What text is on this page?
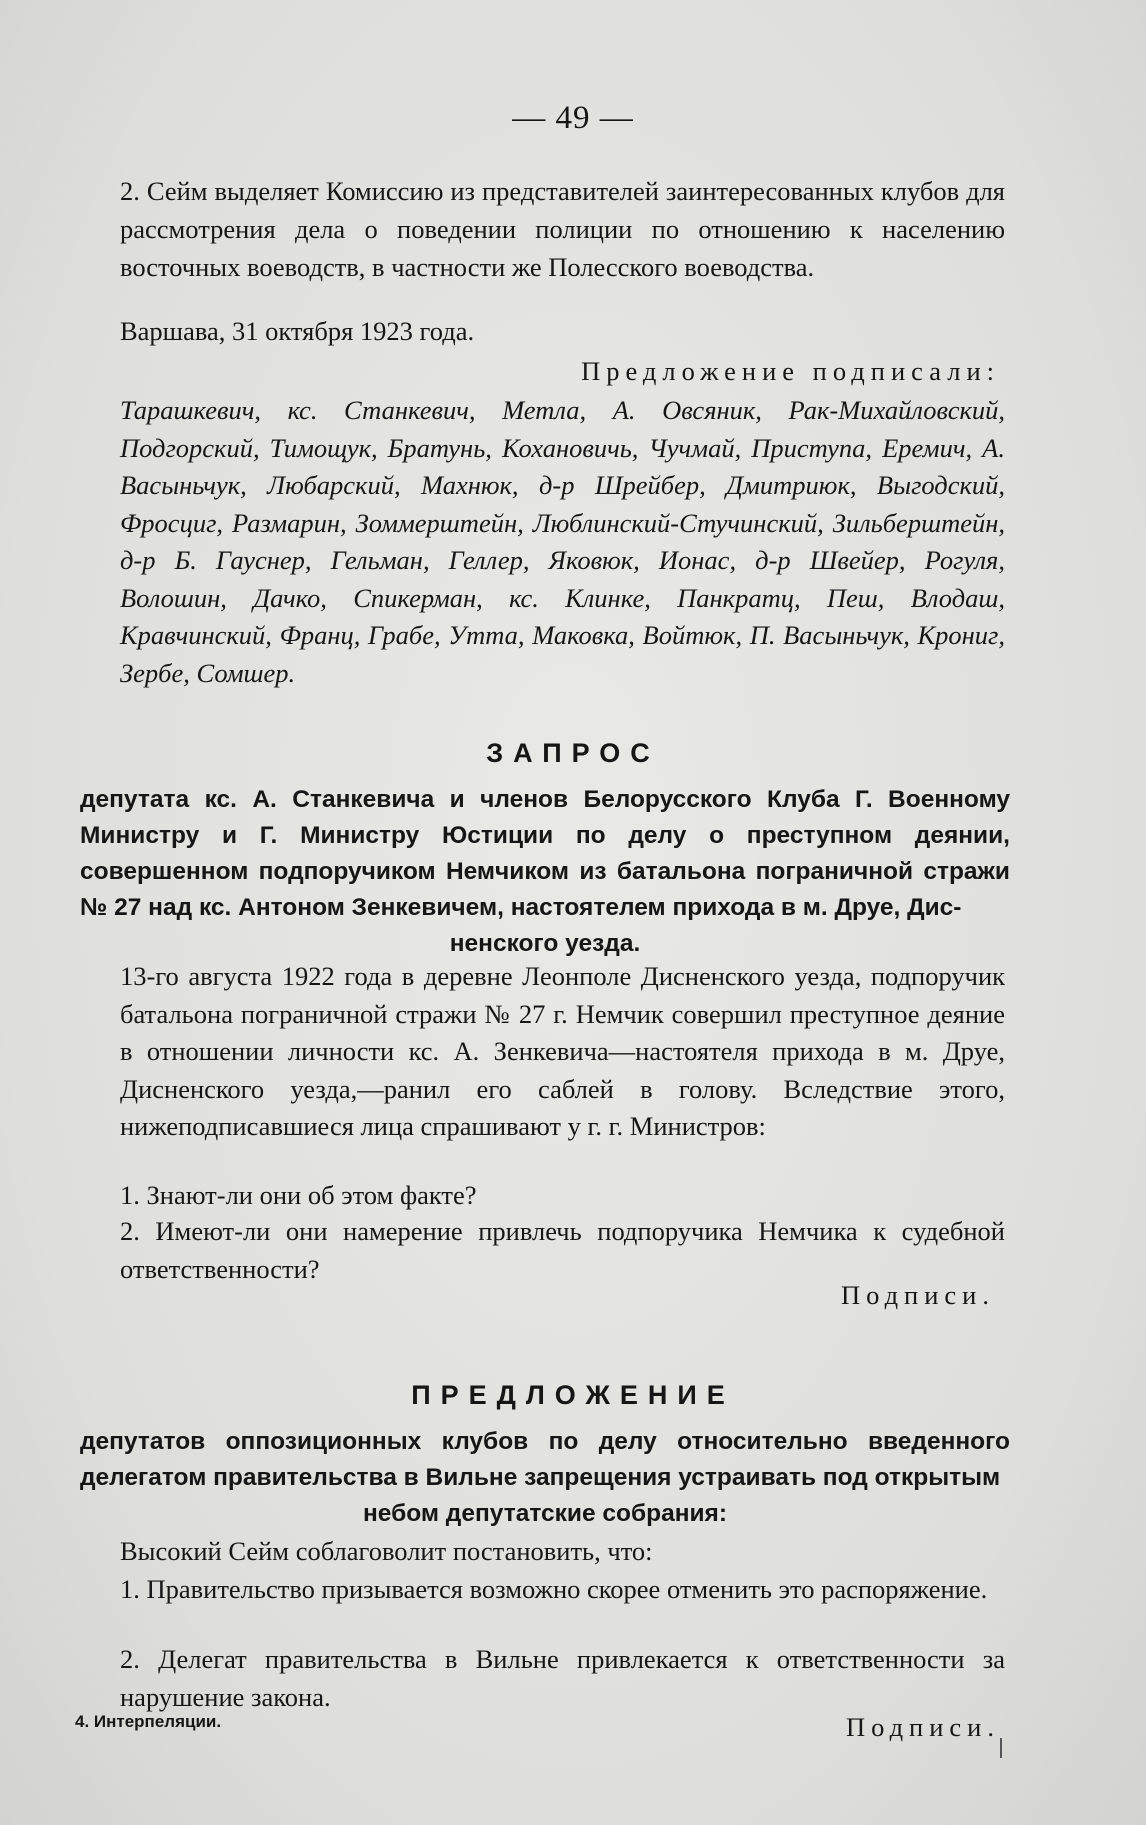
— 49 —
2. Сейм выделяет Комиссию из представителей заинтересованных клубов для рассмотрения дела о поведении полиции по отношению к населению восточных воеводств, в частности же Полесского воеводства.
Варшава, 31 октября 1923 года.
Предложение подписали:
Тарашкевич, кс. Станкевич, Метла, А. Овсяник, Рак-Михайловский, Подгорский, Тимощук, Братунь, Кохановичь, Чучмай, Приступа, Еремич, А. Васыньчук, Любарский, Махнюк, д-р Шрейбер, Дмитриюк, Выгодский, Фросциг, Размарин, Зоммерштейн, Люблинский-Стучинский, Зильберштейн, д-р Б. Гауснер, Гельман, Геллер, Яковюк, Ионас, д-р Швейер, Рогуля, Волошин, Дачко, Спикерман, кс. Клинке, Панкратц, Пеш, Влодаш, Кравчинский, Франц, Грабе, Утта, Маковка, Войтюк, П. Васыньчук, Крониг, Зербе, Сомшер.
ЗАПРОС
депутата кс. А. Станкевича и членов Белорусского Клуба Г. Военному Министру и Г. Министру Юстиции по делу о преступном деянии, совершенном подпоручиком Немчиком из батальона пограничной стражи № 27 над кс. Антоном Зенкевичем, настоятелем прихода в м. Друе, Дис-
ненского уезда.
13-го августа 1922 года в деревне Леонполе Дисненского уезда, подпоручик батальона пограничной стражи № 27 г. Немчик совершил преступное деяние в отношении личности кс. А. Зенкевича—настоятеля прихода в м. Друе, Дисненского уезда,—ранил его саблей в голову. Вследствие этого, нижеподписавшиеся лица спрашивают у г. г. Министров:
1. Знают-ли они об этом факте?
2. Имеют-ли они намерение привлечь подпоручика Немчика к судебной ответственности?
Подписи.
ПРЕДЛОЖЕНИЕ
депутатов оппозиционных клубов по делу относительно введенного делегатом правительства в Вильне запрещения устраивать под открытым
небом депутатские собрания:
Высокий Сейм соблаговолит постановить, что:
1. Правительство призывается возможно скорее отменить это распоряжение.
2. Делегат правительства в Вильне привлекается к ответственности за нарушение закона.
Подписи.
4. Интерпеляции.
